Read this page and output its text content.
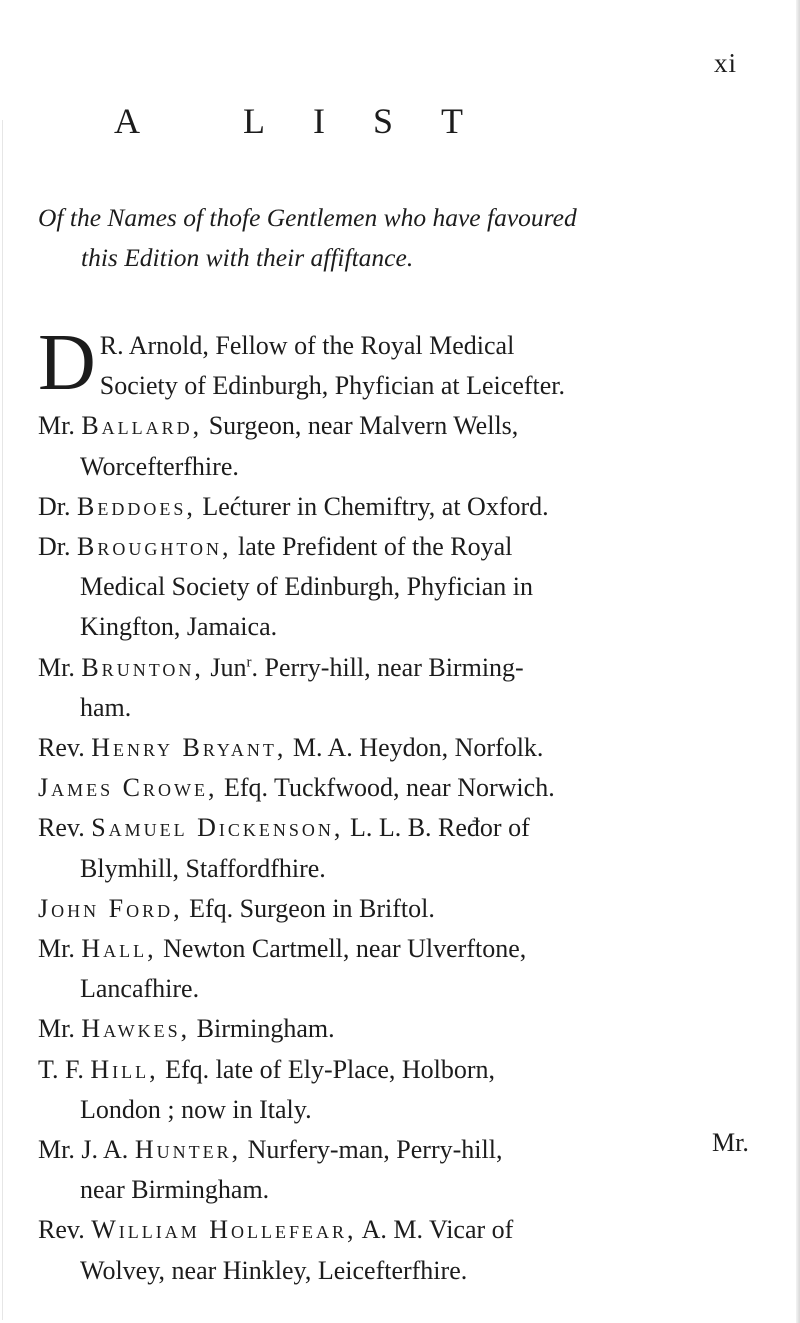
xi
A LIST
Of the Names of thofe Gentlemen who have favoured
this Edition with their affiftance.

D R. Arnold, Fellow of the Royal Medical
Society of Edinburgh, Phyfician at Leicefter.

Mr. Ballard, Surgeon, near Malvern Wells,
Worcefterfhire.

Dr. Beddoes, Lećturer in Chemiftry, at Oxford.

Dr. Broughton, late Prefident of the Royal
Medical Society of Edinburgh, Phyfician in
Kingfton, Jamaica.

Mr. Brunton, Jun$^r$. Perry-hill, near Birming-
ham.

Rev. Henry Bryant, M. A. Heydon, Norfolk.

James Crowe, Efq. Tuckfwood, near Norwich.

Rev. Samuel Dickenson, L. L. B. Ređor of
Blymhill, Staffordfhire.

John Ford, Efq. Surgeon in Briftol.

Mr. Hall, Newton Cartmell, near Ulverftone,
Lancafhire.

Mr. Hawkes, Birmingham.

T. F. Hill, Efq. late of Ely-Place, Holborn,
London ; now in Italy.

Mr. J. A. Hunter, Nurfery-man, Perry-hill,
near Birmingham.

Rev. William Hollefear, A. M. Vicar of
Wolvey, near Hinkley, Leicefterfhire.

Mr.
